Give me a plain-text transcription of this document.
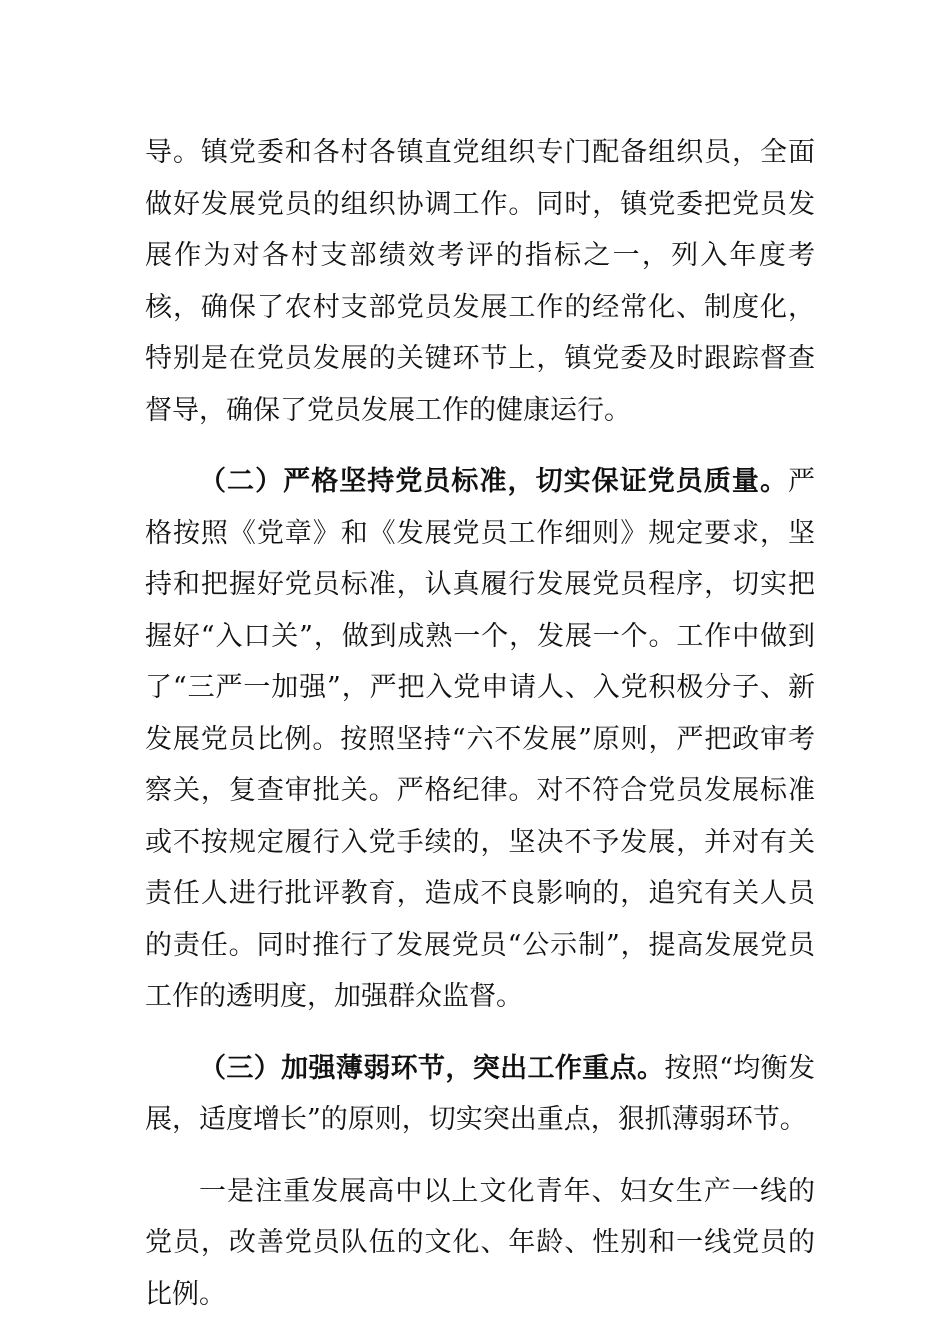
导。镇党委和各村各镇直党组织专门配备组织员，全面做好发展党员的组织协调工作。同时，镇党委把党员发展作为对各村支部绩效考评的指标之一，列入年度考核，确保了农村支部党员发展工作的经常化、制度化，特别是在党员发展的关键环节上，镇党委及时跟踪督查督导，确保了党员发展工作的健康运行。

（二）严格坚持党员标准，切实保证党员质量。严格按照《党章》和《发展党员工作细则》规定要求，坚持和把握好党员标准，认真履行发展党员程序，切实把握好“入口关”，做到成熟一个，发展一个。工作中做到了“三严一加强”，严把入党申请人、入党积极分子、新发展党员比例。按照坚持“六不发展”原则，严把政审考察关，复查审批关。严格纪律。对不符合党员发展标准或不按规定履行入党手续的，坚决不予发展，并对有关责任人进行批评教育，造成不良影响的，追究有关人员的责任。同时推行了发展党员“公示制”，提高发展党员工作的透明度，加强群众监督。

（三）加强薄弱环节，突出工作重点。按照“均衡发展，适度增长”的原则，切实突出重点，狠抓薄弱环节。

一是注重发展高中以上文化青年、妇女生产一线的党员，改善党员队伍的文化、年龄、性别和一线党员的比例。
